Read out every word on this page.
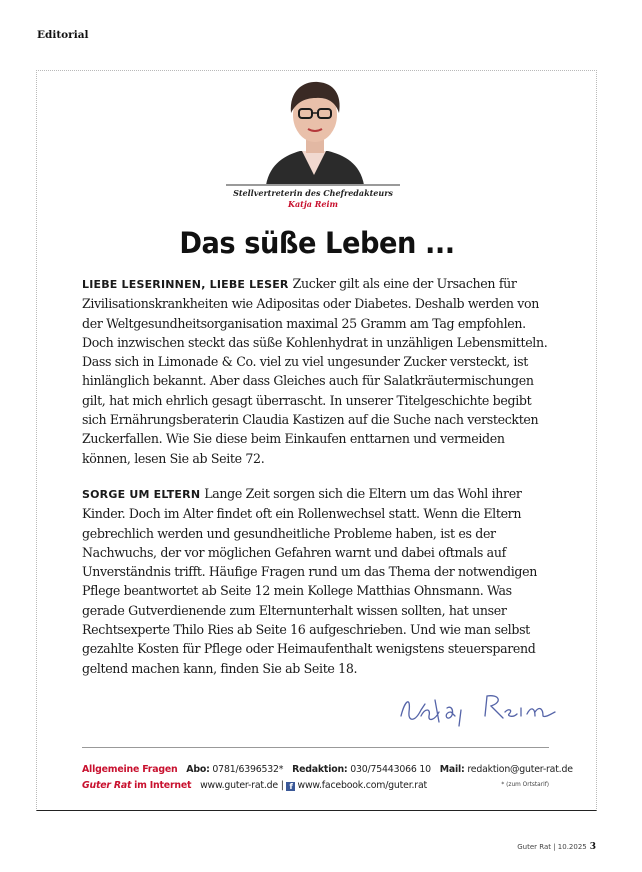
Editorial
Stellvertreterin des Chefredakteurs
Katja Reim
Das süße Leben ...

LIEBE LESERINNEN, LIEBE LESER Zucker gilt als eine der Ursachen für Zivilisationskrankheiten wie Adipositas oder Diabetes. Deshalb werden von der Weltgesundheitsorganisation maximal 25 Gramm am Tag empfohlen. Doch inzwischen steckt das süße Kohlenhydrat in unzähligen Lebensmitteln. Dass sich in Limonade & Co. viel zu viel ungesunder Zucker versteckt, ist hinlänglich bekannt. Aber dass Gleiches auch für Salatkräutermischungen gilt, hat mich ehrlich gesagt überrascht. In unserer Titelgeschichte begibt sich Ernährungsberaterin Claudia Kastizen auf die Suche nach versteckten Zuckerfallen. Wie Sie diese beim Einkaufen enttarnen und vermeiden können, lesen Sie ab Seite 72.

SORGE UM ELTERN Lange Zeit sorgen sich die Eltern um das Wohl ihrer Kinder. Doch im Alter findet oft ein Rollenwechsel statt. Wenn die Eltern gebrechlich werden und gesundheitliche Probleme haben, ist es der Nachwuchs, der vor möglichen Gefahren warnt und dabei oftmals auf Unverständnis trifft. Häufige Fragen rund um das Thema der notwendigen Pflege beantwortet ab Seite 12 mein Kollege Matthias Ohnsmann. Was gerade Gutverdienende zum Elternunterhalt wissen sollten, hat unser Rechtsexperte Thilo Ries ab Seite 16 aufgeschrieben. Und wie man selbst gezahlte Kosten für Pflege oder Heimaufenthalt wenigstens steuersparend geltend machen kann, finden Sie ab Seite 18.

Allgemeine Fragen Abo: 0781/6396532* Redaktion: 030/75443066 10 Mail: redaktion@guter-rat.de
Guter Rat im Internet www.guter-rat.de | f www.facebook.com/guter.rat	* (zum Ortstarif)
Guter Rat | 10.2025 3
